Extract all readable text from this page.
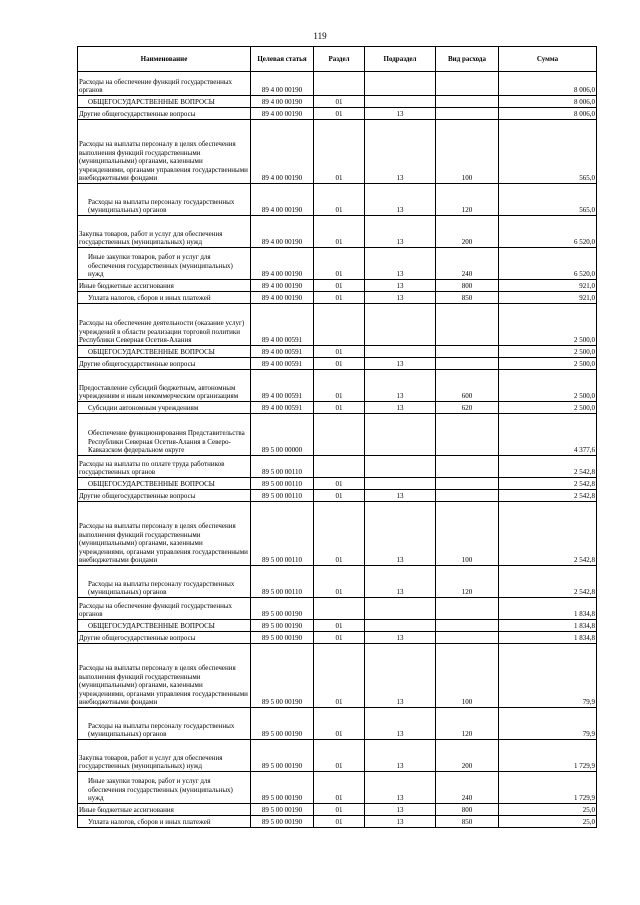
119
Наименование	Целевая статья	Раздел	Подраздел	Вид расхода	Сумма
Расходы на обеспечение функций государственных органов	89 4 00 00190				8 006,0
ОБЩЕГОСУДАРСТВЕННЫЕ ВОПРОСЫ	89 4 00 00190	01			8 006,0
Другие общегосударственные вопросы	89 4 00 00190	01	13		8 006,0
Расходы на выплаты персоналу в целях обеспечения выполнения функций государственными (муниципальными) органами, казенными учреждениями, органами управления государственными внебюджетными фондами	89 4 00 00190	01	13	100	565,0
Расходы на выплаты персоналу государственных (муниципальных) органов	89 4 00 00190	01	13	120	565,0
Закупка товаров, работ и услуг для обеспечения государственных (муниципальных) нужд	89 4 00 00190	01	13	200	6 520,0
Иные закупки товаров, работ и услуг для обеспечения государственных (муниципальных) нужд	89 4 00 00190	01	13	240	6 520,0
Иные бюджетные ассигнования	89 4 00 00190	01	13	800	921,0
Уплата налогов, сборов и иных платежей	89 4 00 00190	01	13	850	921,0
Расходы на обеспечение деятельности (оказание услуг) учреждений в области реализации торговой политики Республики Северная Осетия-Алания	89 4 00 00591				2 500,0
ОБЩЕГОСУДАРСТВЕННЫЕ ВОПРОСЫ	89 4 00 00591	01			2 500,0
Другие общегосударственные вопросы	89 4 00 00591	01	13		2 500,0
Предоставление субсидий бюджетным, автономным учреждениям и иным некоммерческим организациям	89 4 00 00591	01	13	600	2 500,0
Субсидии автономным учреждениям	89 4 00 00591	01	13	620	2 500,0
Обеспечение функционирования Представительства Республики Северная Осетия-Алания в Северо-Кавказском федеральном округе	89 5 00 00000				4 377,6
Расходы на выплаты по оплате труда работников государственных органов	89 5 00 00110				2 542,8
ОБЩЕГОСУДАРСТВЕННЫЕ ВОПРОСЫ	89 5 00 00110	01			2 542,8
Другие общегосударственные вопросы	89 5 00 00110	01	13		2 542,8
Расходы на выплаты персоналу в целях обеспечения выполнения функций государственными (муниципальными) органами, казенными учреждениями, органами управления государственными внебюджетными фондами	89 5 00 00110	01	13	100	2 542,8
Расходы на выплаты персоналу государственных (муниципальных) органов	89 5 00 00110	01	13	120	2 542,8
Расходы на обеспечение функций государственных органов	89 5 00 00190				1 834,8
ОБЩЕГОСУДАРСТВЕННЫЕ ВОПРОСЫ	89 5 00 00190	01			1 834,8
Другие общегосударственные вопросы	89 5 00 00190	01	13		1 834,8
Расходы на выплаты персоналу в целях обеспечения выполнения функций государственными (муниципальными) органами, казенными учреждениями, органами управления государственными внебюджетными фондами	89 5 00 00190	01	13	100	79,9
Расходы на выплаты персоналу государственных (муниципальных) органов	89 5 00 00190	01	13	120	79,9
Закупка товаров, работ и услуг для обеспечения государственных (муниципальных) нужд	89 5 00 00190	01	13	200	1 729,9
Иные закупки товаров, работ и услуг для обеспечения государственных (муниципальных) нужд	89 5 00 00190	01	13	240	1 729,9
Иные бюджетные ассигнования	89 5 00 00190	01	13	800	25,0
Уплата налогов, сборов и иных платежей	89 5 00 00190	01	13	850	25,0
